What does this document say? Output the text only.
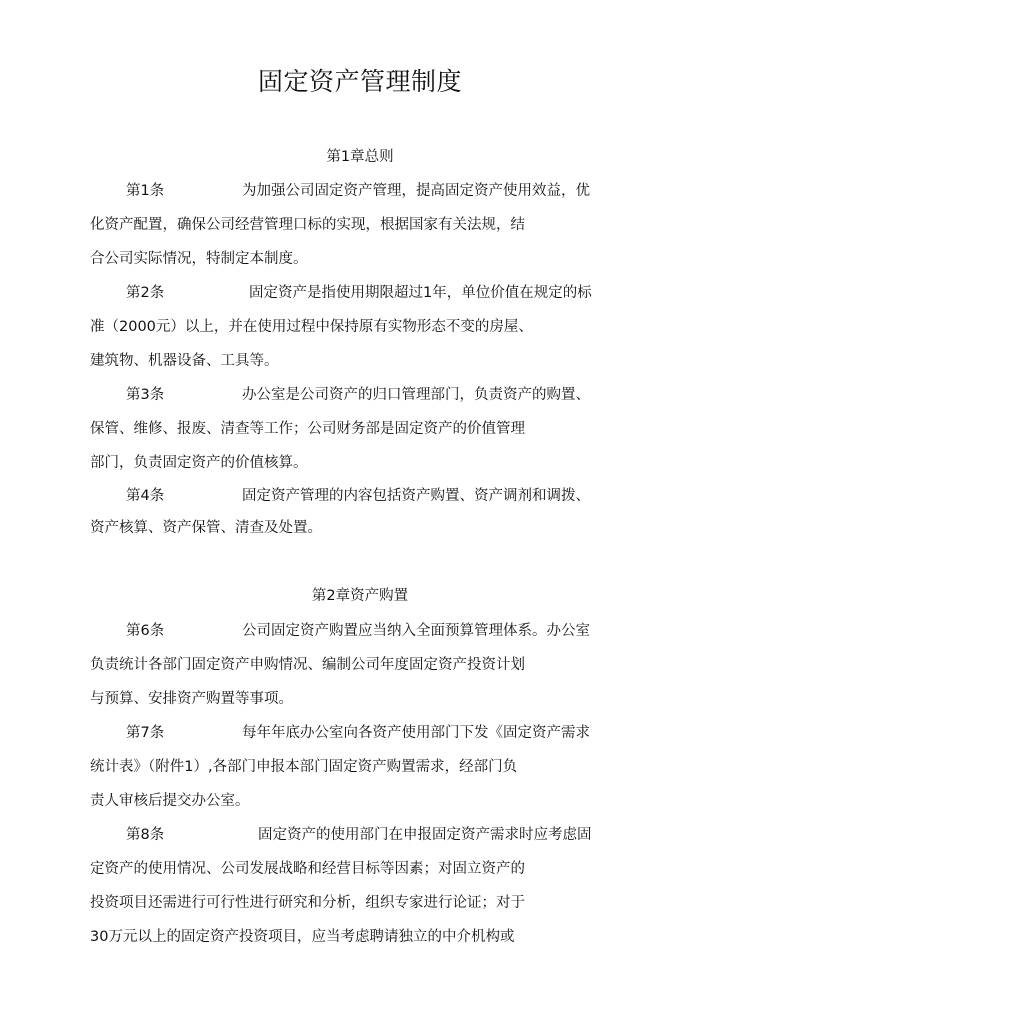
固定资产管理制度
第1章总则
第1条	为加强公司固定资产管理，提高固定资产使用效益，优
化资产配置，确保公司经营管理口标的实现，根据国家有关法规，结
合公司实际情况，特制定本制度。
第2条	固定资产是指使用期限超过1年，单位价值在规定的标
准（2000元）以上，并在使用过程中保持原有实物形态不变的房屋、
建筑物、机器设备、工具等。
第3条	办公室是公司资产的归口管理部门，负责资产的购置、
保管、维修、报废、清查等工作；公司财务部是固定资产的价值管理
部门，负责固定资产的价值核算。
第4条	固定资产管理的内容包括资产购置、资产调剂和调拨、
资产核算、资产保管、清查及处置。
第2章资产购置
第6条	公司固定资产购置应当纳入全面预算管理体系。办公室
负责统计各部门固定资产申购情况、编制公司年度固定资产投资计划
与预算、安排资产购置等事项。
第7条	每年年底办公室向各资产使用部门下发《固定资产需求
统计表》（附件1）,各部门申报本部门固定资产购置需求，经部门负
责人审核后提交办公室。
第8条	固定资产的使用部门在申报固定资产需求时应考虑固
定资产的使用情况、公司发展战略和经营目标等因素；对固立资产的
投资项目还需进行可行性进行研究和分析，组织专家进行论证；对于
30万元以上的固定资产投资项目，应当考虑聘请独立的中介机构或
